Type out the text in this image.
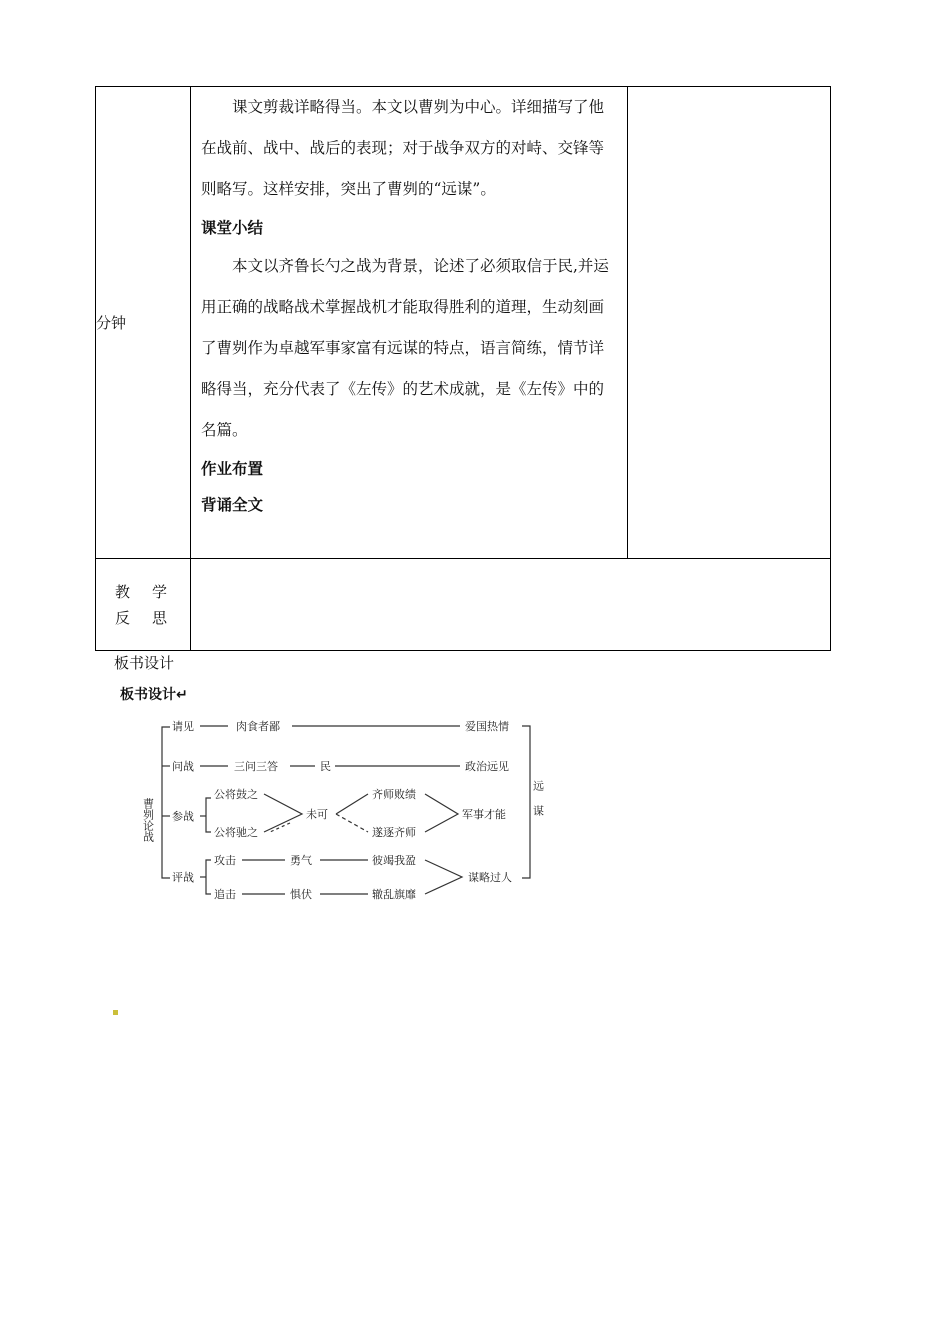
分钟	课文剪裁详略得当。本文以曹刿为中心。详细描写了他在战前、战中、战后的表现；对于战争双方的对峙、交锋等则略写。这样安排，突出了曹刿的“远谋”。

课堂小结

本文以齐鲁长勺之战为背景，论述了必须取信于民,并运用正确的战略战术掌握战机才能取得胜利的道理，生动刻画了曹刿作为卓越军事家富有远谋的特点，语言简练，情节详略得当，充分代表了《左传》的艺术成就，是《左传》中的名篇。

作业布置

背诵全文	

教学
反思		

板书设计
板书设计↵
曹刿论战
请见
问战
参战
评战
肉食者鄙	爱国热情
三问三答	民	政治远见
公将鼓之
公将驰之
未可
齐师败绩
遂逐齐师
军事才能
攻击	勇气	彼竭我盈
追击	惧伏	辙乱旗靡
谋略过人
远谋
